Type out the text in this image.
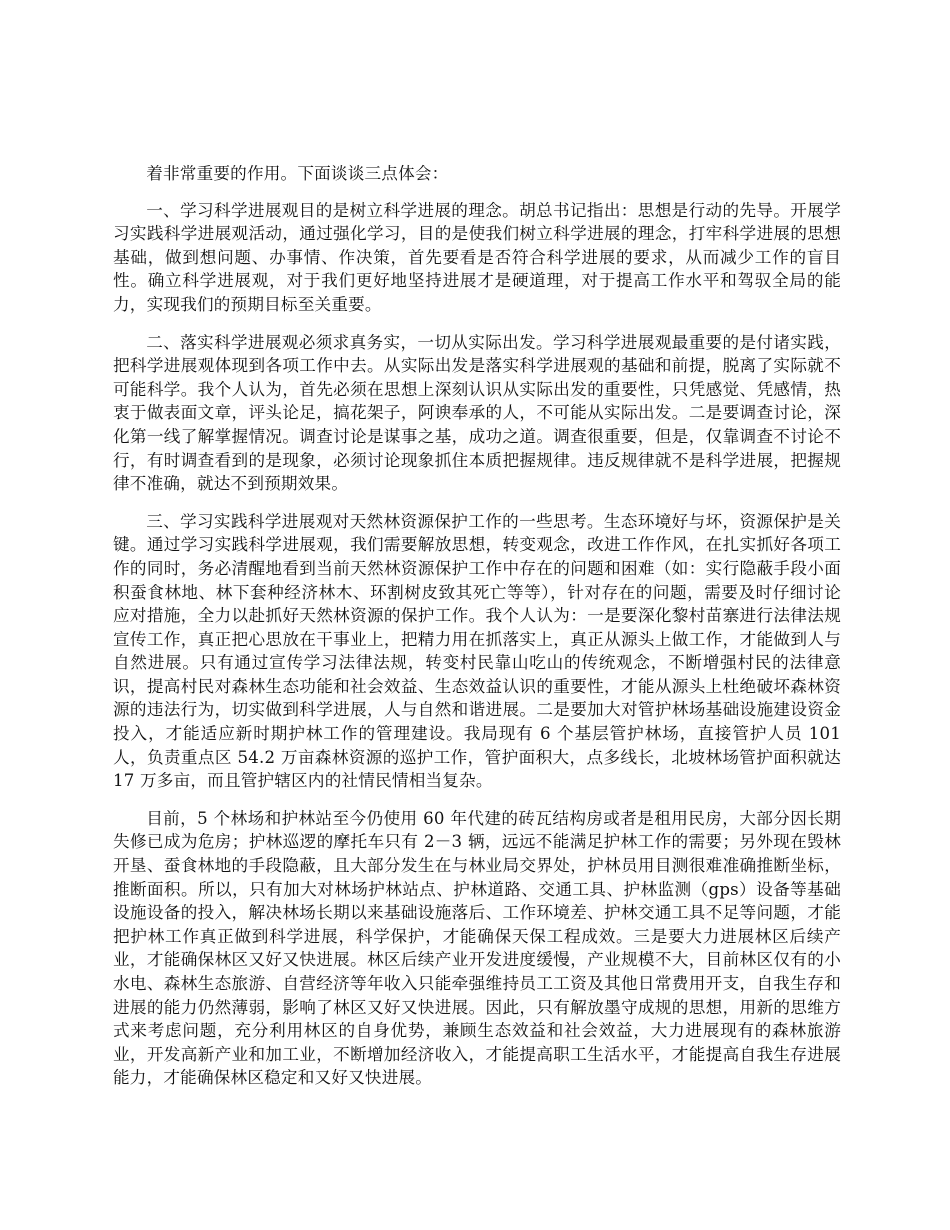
着非常重要的作用。下面谈谈三点体会：

一、学习科学进展观目的是树立科学进展的理念。胡总书记指出：思想是行动的先导。开展学习实践科学进展观活动，通过强化学习，目的是使我们树立科学进展的理念，打牢科学进展的思想基础，做到想问题、办事情、作决策，首先要看是否符合科学进展的要求，从而减少工作的盲目性。确立科学进展观，对于我们更好地坚持进展才是硬道理，对于提高工作水平和驾驭全局的能力，实现我们的预期目标至关重要。

二、落实科学进展观必须求真务实，一切从实际出发。学习科学进展观最重要的是付诸实践，把科学进展观体现到各项工作中去。从实际出发是落实科学进展观的基础和前提，脱离了实际就不可能科学。我个人认为，首先必须在思想上深刻认识从实际出发的重要性，只凭感觉、凭感情，热衷于做表面文章，评头论足，搞花架子，阿谀奉承的人，不可能从实际出发。二是要调查讨论，深化第一线了解掌握情况。调查讨论是谋事之基，成功之道。调查很重要，但是，仅靠调查不讨论不行，有时调查看到的是现象，必须讨论现象抓住本质把握规律。违反规律就不是科学进展，把握规律不准确，就达不到预期效果。

三、学习实践科学进展观对天然林资源保护工作的一些思考。生态环境好与坏，资源保护是关键。通过学习实践科学进展观，我们需要解放思想，转变观念，改进工作作风，在扎实抓好各项工作的同时，务必清醒地看到当前天然林资源保护工作中存在的问题和困难（如：实行隐蔽手段小面积蚕食林地、林下套种经济林木、环割树皮致其死亡等等），针对存在的问题，需要及时仔细讨论应对措施，全力以赴抓好天然林资源的保护工作。我个人认为：一是要深化黎村苗寨进行法律法规宣传工作，真正把心思放在干事业上，把精力用在抓落实上，真正从源头上做工作，才能做到人与自然进展。只有通过宣传学习法律法规，转变村民靠山吃山的传统观念，不断增强村民的法律意识，提高村民对森林生态功能和社会效益、生态效益认识的重要性，才能从源头上杜绝破坏森林资源的违法行为，切实做到科学进展，人与自然和谐进展。二是要加大对管护林场基础设施建设资金投入，才能适应新时期护林工作的管理建设。我局现有 6 个基层管护林场，直接管护人员 101 人，负责重点区 54.2 万亩森林资源的巡护工作，管护面积大，点多线长，北坡林场管护面积就达 17 万多亩，而且管护辖区内的社情民情相当复杂。

目前，5 个林场和护林站至今仍使用 60 年代建的砖瓦结构房或者是租用民房，大部分因长期失修已成为危房；护林巡逻的摩托车只有 2－3 辆，远远不能满足护林工作的需要；另外现在毁林开垦、蚕食林地的手段隐蔽，且大部分发生在与林业局交界处，护林员用目测很难准确推断坐标，推断面积。所以，只有加大对林场护林站点、护林道路、交通工具、护林监测（gps）设备等基础设施设备的投入，解决林场长期以来基础设施落后、工作环境差、护林交通工具不足等问题，才能把护林工作真正做到科学进展，科学保护，才能确保天保工程成效。三是要大力进展林区后续产业，才能确保林区又好又快进展。林区后续产业开发进度缓慢，产业规模不大，目前林区仅有的小水电、森林生态旅游、自营经济等年收入只能牵强维持员工工资及其他日常费用开支，自我生存和进展的能力仍然薄弱，影响了林区又好又快进展。因此，只有解放墨守成规的思想，用新的思维方式来考虑问题，充分利用林区的自身优势，兼顾生态效益和社会效益，大力进展现有的森林旅游业，开发高新产业和加工业，不断增加经济收入，才能提高职工生活水平，才能提高自我生存进展能力，才能确保林区稳定和又好又快进展。
